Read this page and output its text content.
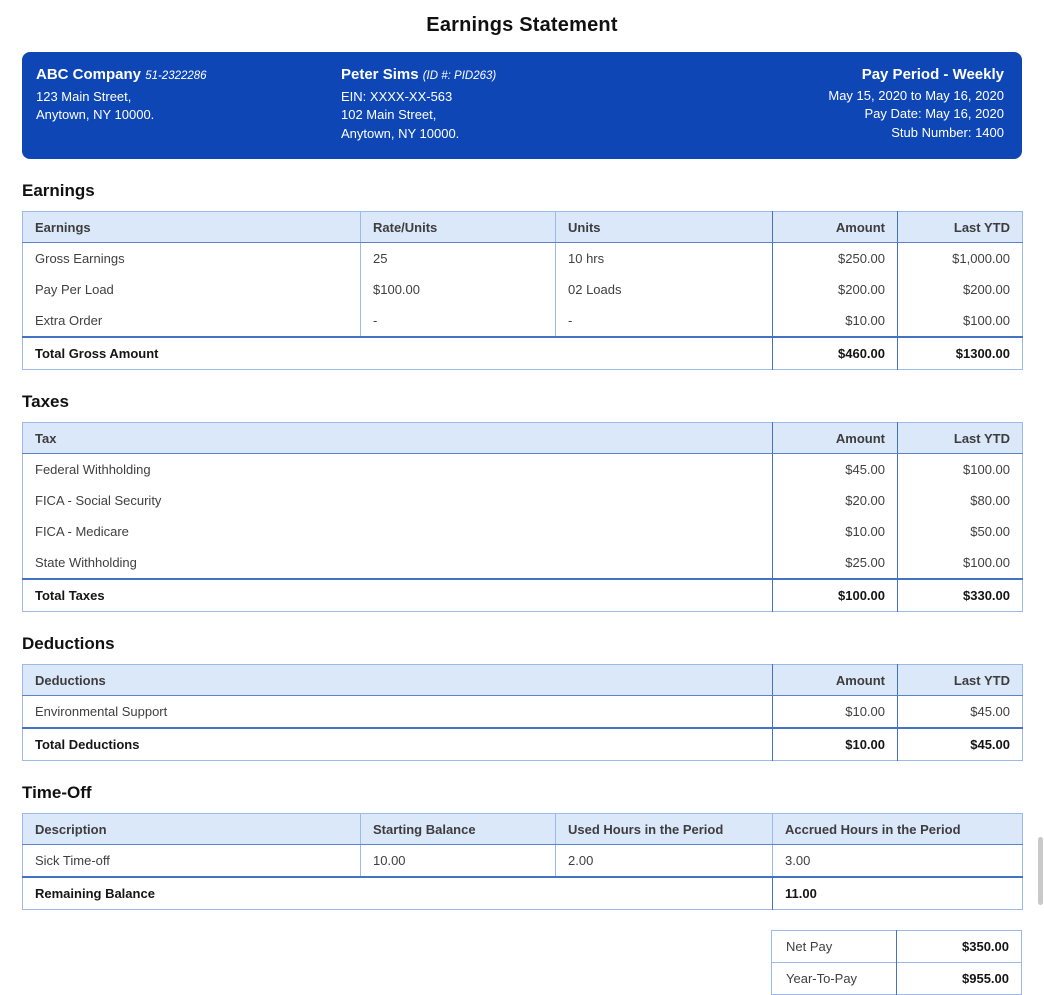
Earnings Statement
ABC Company 51-2322286
123 Main Street,
Anytown, NY 10000.
Peter Sims (ID #: PID263)
EIN: XXXX-XX-563
102 Main Street,
Anytown, NY 10000.
Pay Period - Weekly
May 15, 2020 to May 16, 2020
Pay Date: May 16, 2020
Stub Number: 1400
Earnings
Earnings	Rate/Units	Units	Amount	Last YTD
Gross Earnings	25	10 hrs	$250.00	$1,000.00
Pay Per Load	$100.00	02 Loads	$200.00	$200.00
Extra Order	-	-	$10.00	$100.00
Total Gross Amount			$460.00	$1300.00
Taxes
Tax	Amount	Last YTD
Federal Withholding	$45.00	$100.00
FICA - Social Security	$20.00	$80.00
FICA - Medicare	$10.00	$50.00
State Withholding	$25.00	$100.00
Total Taxes	$100.00	$330.00
Deductions
Deductions	Amount	Last YTD
Environmental Support	$10.00	$45.00
Total Deductions	$10.00	$45.00
Time-Off
Description	Starting Balance	Used Hours in the Period	Accrued Hours in the Period
Sick Time-off	10.00	2.00	3.00
Remaining Balance			11.00
Net Pay	$350.00
Year-To-Pay	$955.00
